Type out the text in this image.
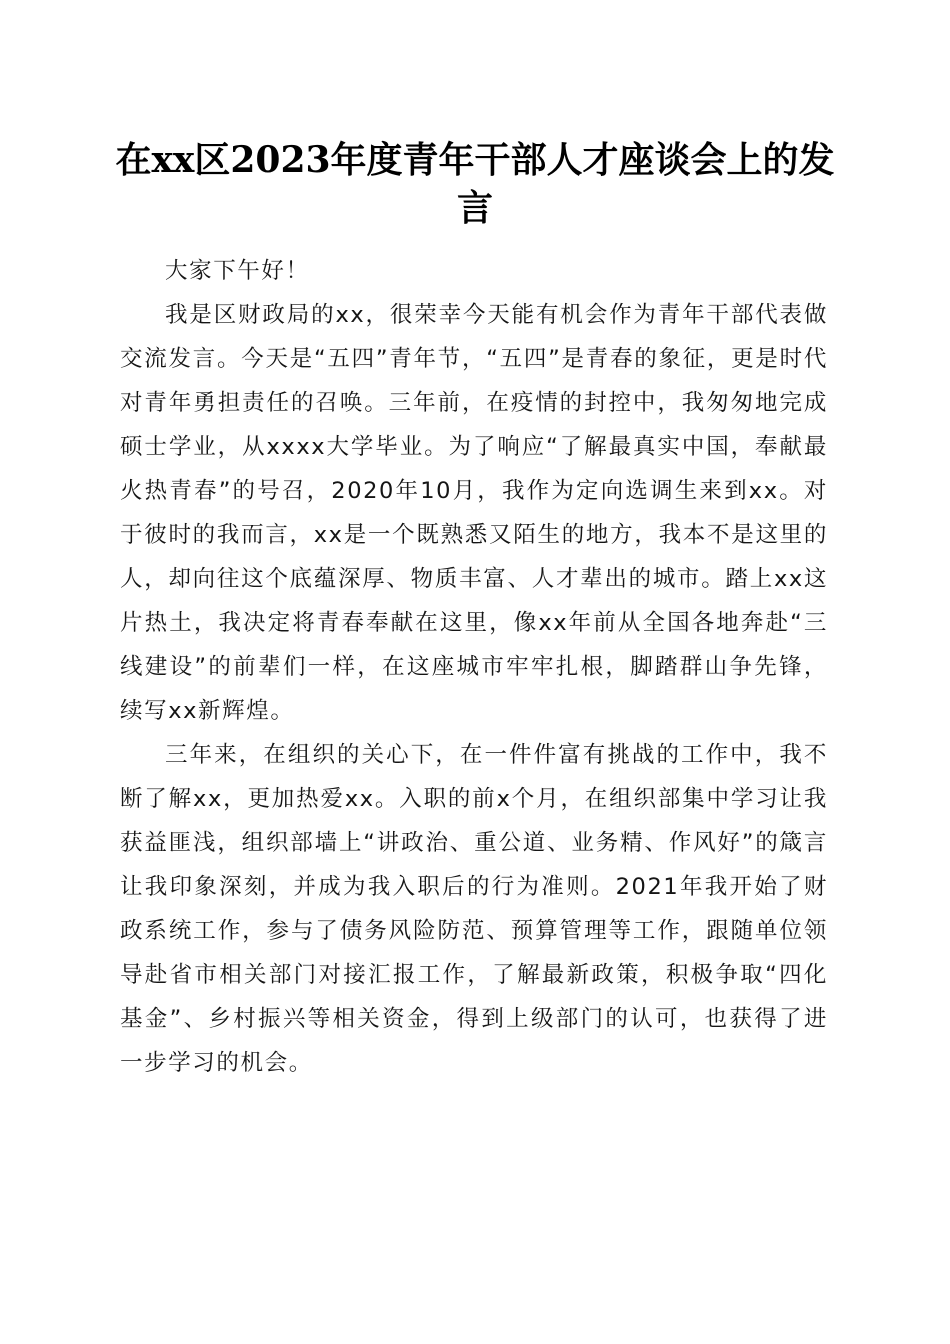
在xx区2023年度青年干部人才座谈会上的发言

大家下午好！

我是区财政局的xx，很荣幸今天能有机会作为青年干部代表做交流发言。今天是“五四”青年节，“五四”是青春的象征，更是时代对青年勇担责任的召唤。三年前，在疫情的封控中，我匆匆地完成硕士学业，从xxxx大学毕业。为了响应“了解最真实中国，奉献最火热青春”的号召，2020年10月，我作为定向选调生来到xx。对于彼时的我而言，xx是一个既熟悉又陌生的地方，我本不是这里的人，却向往这个底蕴深厚、物质丰富、人才辈出的城市。踏上xx这片热土，我决定将青春奉献在这里，像xx年前从全国各地奔赴“三线建设”的前辈们一样，在这座城市牢牢扎根，脚踏群山争先锋，续写xx新辉煌。

三年来，在组织的关心下，在一件件富有挑战的工作中，我不断了解xx，更加热爱xx。入职的前x个月，在组织部集中学习让我获益匪浅，组织部墙上“讲政治、重公道、业务精、作风好”的箴言让我印象深刻，并成为我入职后的行为准则。2021年我开始了财政系统工作，参与了债务风险防范、预算管理等工作，跟随单位领导赴省市相关部门对接汇报工作，了解最新政策，积极争取“四化基金”、乡村振兴等相关资金，得到上级部门的认可，也获得了进一步学习的机会。
